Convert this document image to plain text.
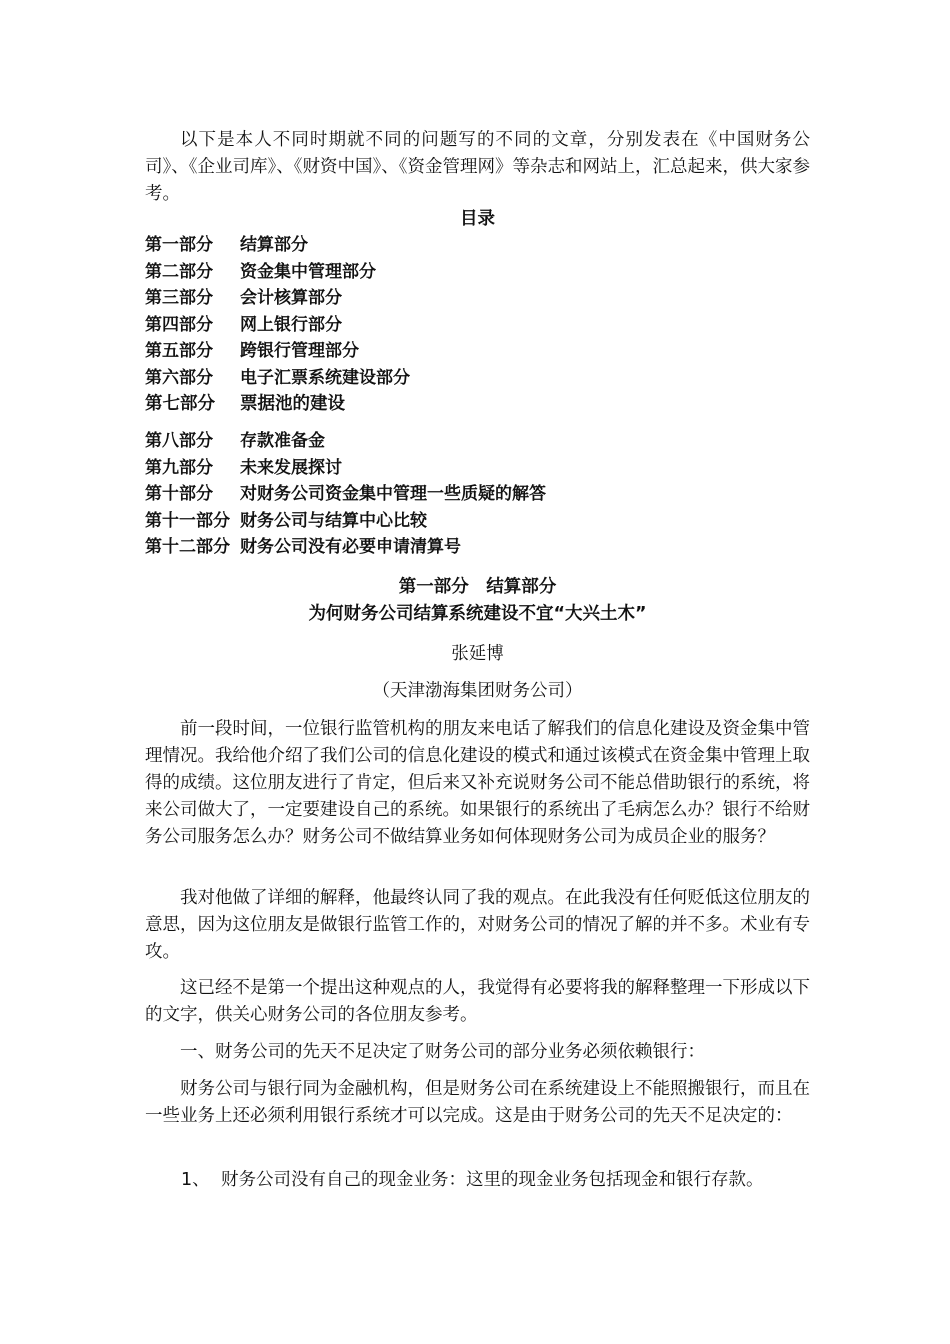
以下是本人不同时期就不同的问题写的不同的文章，分别发表在《中国财务公司》、《企业司库》、《财资中国》、《资金管理网》等杂志和网站上，汇总起来，供大家参考。

目录
第一部分 结算部分
第二部分 资金集中管理部分
第三部分 会计核算部分
第四部分 网上银行部分
第五部分 跨银行管理部分
第六部分 电子汇票系统建设部分
第七部分 票据池的建设
第八部分 存款准备金
第九部分 未来发展探讨
第十部分 对财务公司资金集中管理一些质疑的解答
第十一部分 财务公司与结算中心比较
第十二部分 财务公司没有必要申请清算号
第一部分　结算部分
为何财务公司结算系统建设不宜“大兴土木”
张延博
（天津渤海集团财务公司）

前一段时间，一位银行监管机构的朋友来电话了解我们的信息化建设及资金集中管理情况。我给他介绍了我们公司的信息化建设的模式和通过该模式在资金集中管理上取得的成绩。这位朋友进行了肯定，但后来又补充说财务公司不能总借助银行的系统，将来公司做大了，一定要建设自己的系统。如果银行的系统出了毛病怎么办？银行不给财务公司服务怎么办？财务公司不做结算业务如何体现财务公司为成员企业的服务？

我对他做了详细的解释，他最终认同了我的观点。在此我没有任何贬低这位朋友的意思，因为这位朋友是做银行监管工作的，对财务公司的情况了解的并不多。术业有专攻。

这已经不是第一个提出这种观点的人，我觉得有必要将我的解释整理一下形成以下的文字，供关心财务公司的各位朋友参考。

一、财务公司的先天不足决定了财务公司的部分业务必须依赖银行：

财务公司与银行同为金融机构，但是财务公司在系统建设上不能照搬银行，而且在一些业务上还必须利用银行系统才可以完成。这是由于财务公司的先天不足决定的：

1、 财务公司没有自己的现金业务：这里的现金业务包括现金和银行存款。
